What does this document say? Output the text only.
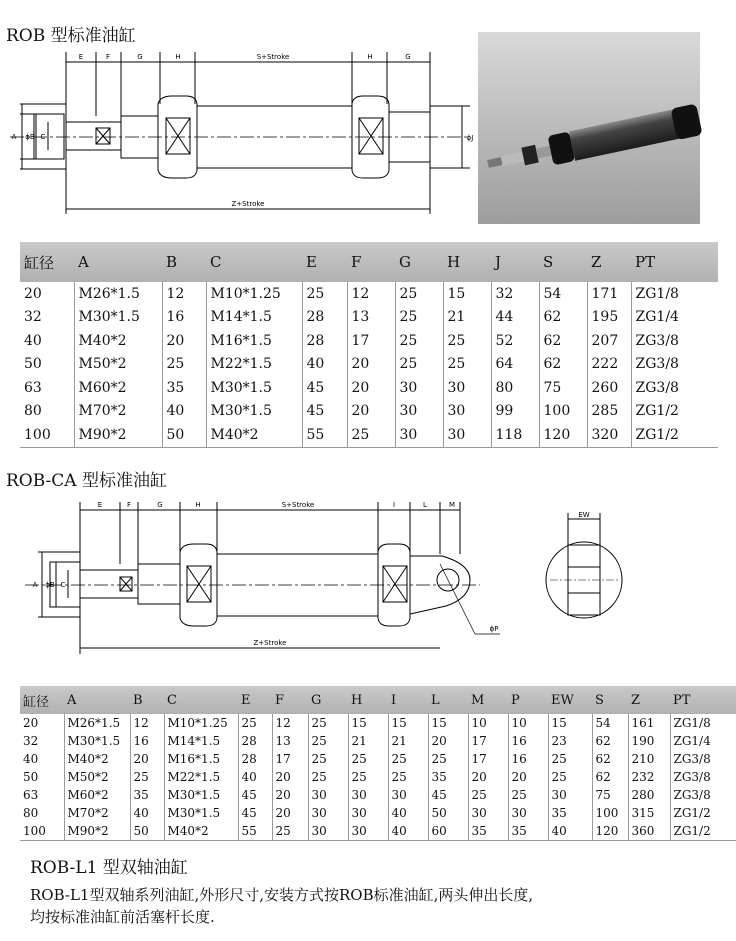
ROB 型标准油缸
E	F	G	H	S+Stroke	H	G
A ϕB C	ϕJ
Z+Stroke
缸径	A	B	C	E	F	G	H	J	S	Z	PT
20	M26*1.5	12	M10*1.25	25	12	25	15	32	54	171	ZG1/8
32	M30*1.5	16	M14*1.5	28	13	25	21	44	62	195	ZG1/4
40	M40*2	20	M16*1.5	28	17	25	25	52	62	207	ZG3/8
50	M50*2	25	M22*1.5	40	20	25	25	64	62	222	ZG3/8
63	M60*2	35	M30*1.5	45	20	30	30	80	75	260	ZG3/8
80	M70*2	40	M30*1.5	45	20	30	30	99	100	285	ZG1/2
100	M90*2	50	M40*2	55	25	30	30	118	120	320	ZG1/2
ROB-CA 型标准油缸
E	F	G	H	S+Stroke	I	L	M
A ϕB C
ϕP
Z+Stroke
EW
缸径	A	B	C	E	F	G	H	I	L	M	P	EW	S	Z	PT
20	M26*1.5	12	M10*1.25	25	12	25	15	15	15	10	10	15	54	161	ZG1/8
32	M30*1.5	16	M14*1.5	28	13	25	21	21	20	17	16	23	62	190	ZG1/4
40	M40*2	20	M16*1.5	28	17	25	25	25	25	17	16	25	62	210	ZG3/8
50	M50*2	25	M22*1.5	40	20	25	25	25	35	20	20	25	62	232	ZG3/8
63	M60*2	35	M30*1.5	45	20	30	30	30	45	25	25	30	75	280	ZG3/8
80	M70*2	40	M30*1.5	45	20	30	30	40	50	30	30	35	100	315	ZG1/2
100	M90*2	50	M40*2	55	25	30	30	40	60	35	35	40	120	360	ZG1/2
ROB-L1 型双轴油缸
ROB-L1型双轴系列油缸,外形尺寸,安装方式按ROB标准油缸,两头伸出长度,
均按标准油缸前活塞杆长度.
